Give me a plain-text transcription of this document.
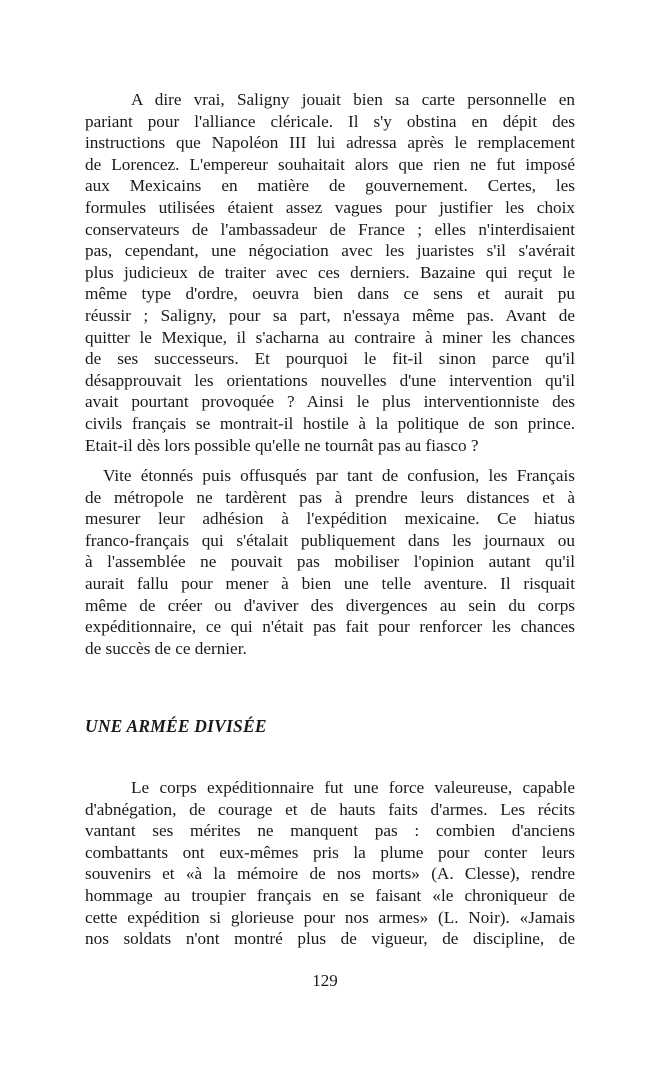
A dire vrai, Saligny jouait bien sa carte personnelle en
pariant pour l'alliance cléricale. Il s'y obstina en dépit des
instructions que Napoléon III lui adressa après le remplacement
de Lorencez. L'empereur souhaitait alors que rien ne fut imposé
aux Mexicains en matière de gouvernement. Certes, les
formules utilisées étaient assez vagues pour justifier les choix
conservateurs de l'ambassadeur de France ; elles n'interdisaient
pas, cependant, une négociation avec les juaristes s'il s'avérait
plus judicieux de traiter avec ces derniers. Bazaine qui reçut le
même type d'ordre, oeuvra bien dans ce sens et aurait pu
réussir ; Saligny, pour sa part, n'essaya même pas. Avant de
quitter le Mexique, il s'acharna au contraire à miner les chances
de ses successeurs. Et pourquoi le fit-il sinon parce qu'il
désapprouvait les orientations nouvelles d'une intervention qu'il
avait pourtant provoquée ? Ainsi le plus interventionniste des
civils français se montrait-il hostile à la politique de son prince.
Etait-il dès lors possible qu'elle ne tournât pas au fiasco ?
Vite étonnés puis offusqués par tant de confusion, les Français
de métropole ne tardèrent pas à prendre leurs distances et à
mesurer leur adhésion à l'expédition mexicaine. Ce hiatus
franco-français qui s'étalait publiquement dans les journaux ou
à l'assemblée ne pouvait pas mobiliser l'opinion autant qu'il
aurait fallu pour mener à bien une telle aventure. Il risquait
même de créer ou d'aviver des divergences au sein du corps
expéditionnaire, ce qui n'était pas fait pour renforcer les chances
de succès de ce dernier.
UNE ARMÉE DIVISÉE
Le corps expéditionnaire fut une force valeureuse, capable
d'abnégation, de courage et de hauts faits d'armes. Les récits
vantant ses mérites ne manquent pas : combien d'anciens
combattants ont eux-mêmes pris la plume pour conter leurs
souvenirs et «à la mémoire de nos morts» (A. Clesse), rendre
hommage au troupier français en se faisant «le chroniqueur de
cette expédition si glorieuse pour nos armes» (L. Noir). «Jamais
nos soldats n'ont montré plus de vigueur, de discipline, de
129
